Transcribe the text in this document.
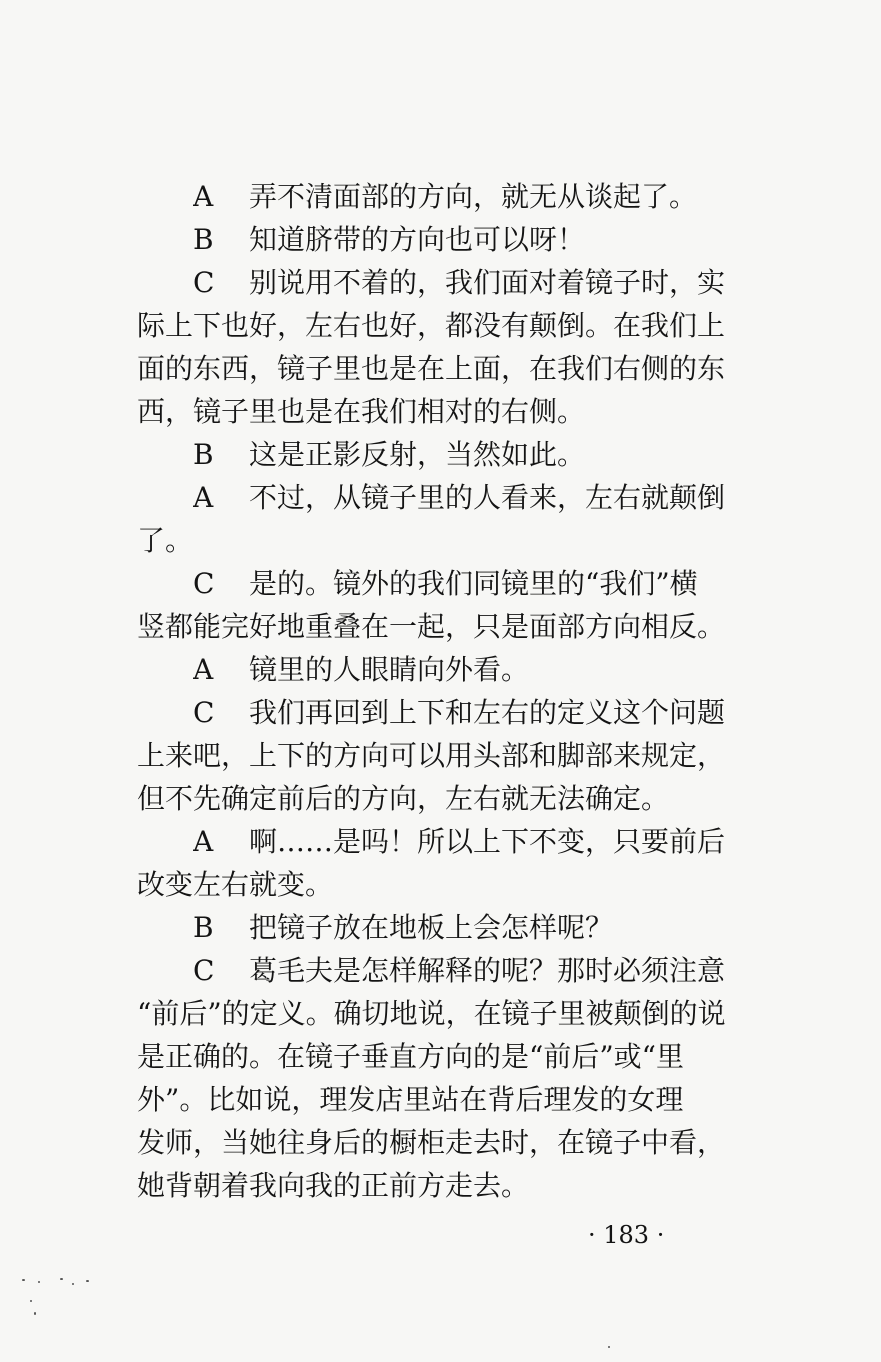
A 弄不清面部的方向，就无从谈起了。
B 知道脐带的方向也可以呀！
C 别说用不着的，我们面对着镜子时，实
际上下也好，左右也好，都没有颠倒。在我们上
面的东西，镜子里也是在上面，在我们右侧的东
西，镜子里也是在我们相对的右侧。
B 这是正影反射，当然如此。
A 不过，从镜子里的人看来，左右就颠倒
了。
C 是的。镜外的我们同镜里的“我们”横
竖都能完好地重叠在一起，只是面部方向相反。
A 镜里的人眼睛向外看。
C 我们再回到上下和左右的定义这个问题
上来吧，上下的方向可以用头部和脚部来规定，
但不先确定前后的方向，左右就无法确定。
A 啊……是吗！所以上下不变，只要前后
改变左右就变。
B 把镜子放在地板上会怎样呢？
C 葛毛夫是怎样解释的呢？那时必须注意
“前后”的定义。确切地说，在镜子里被颠倒的说
是正确的。在镜子垂直方向的是“前后”或“里
外”。比如说，理发店里站在背后理发的女理
发师，当她往身后的橱柜走去时，在镜子中看，
她背朝着我向我的正前方走去。
· 183 ·
